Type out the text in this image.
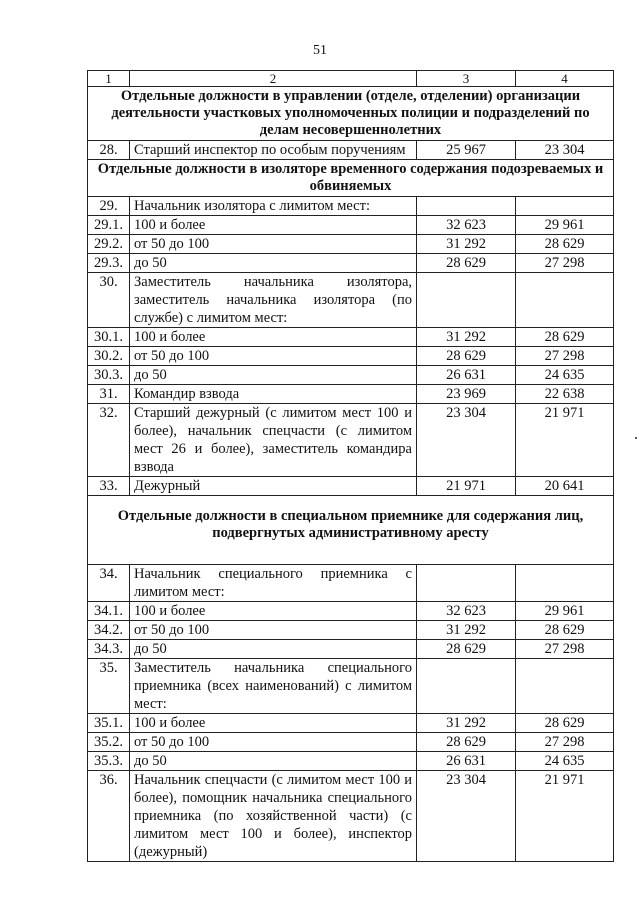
51
1	2	3	4
Отдельные должности в управлении (отделе, отделении) организации деятельности участковых уполномоченных полиции и подразделений по делам несовершеннолетних			
28.	Старший инспектор по особым поручениям	25 967	23 304
Отдельные должности в изоляторе временного содержания подозреваемых и обвиняемых			
29.	Начальник изолятора с лимитом мест:		
29.1.	100 и более	32 623	29 961
29.2.	от 50 до 100	31 292	28 629
29.3.	до 50	28 629	27 298
30.	Заместитель начальника изолятора, заместитель начальника изолятора (по службе) с лимитом мест:		
30.1.	100 и более	31 292	28 629
30.2.	от 50 до 100	28 629	27 298
30.3.	до 50	26 631	24 635
31.	Командир взвода	23 969	22 638
32.	Старший дежурный (с лимитом мест 100 и более), начальник спецчасти (с лимитом мест 26 и более), заместитель командира взвода	23 304	21 971
33.	Дежурный	21 971	20 641
Отдельные должности в специальном приемнике для содержания лиц, подвергнутых административному аресту			
34.	Начальник специального приемника с лимитом мест:		
34.1.	100 и более	32 623	29 961
34.2.	от 50 до 100	31 292	28 629
34.3.	до 50	28 629	27 298
35.	Заместитель начальника специального приемника (всех наименований) с лимитом мест:		
35.1.	100 и более	31 292	28 629
35.2.	от 50 до 100	28 629	27 298
35.3.	до 50	26 631	24 635
36.	Начальник спецчасти (с лимитом мест 100 и более), помощник начальника специального приемника (по хозяйственной части) (с лимитом мест 100 и более), инспектор (дежурный)	23 304	21 971
